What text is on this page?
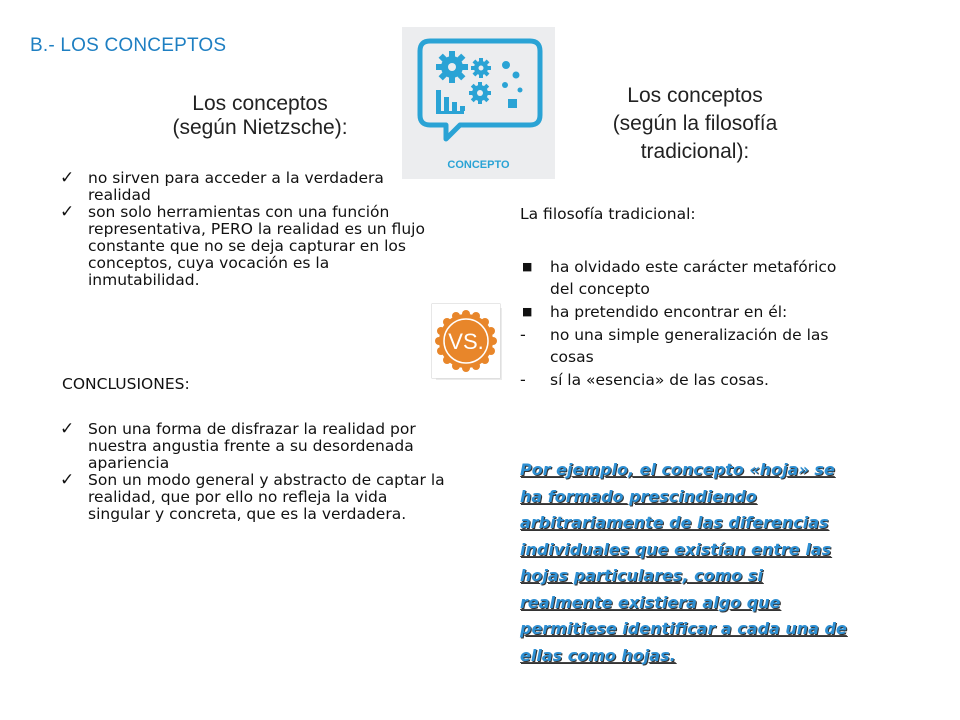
B.- LOS CONCEPTOS
Los conceptos
(según Nietzsche):
✓ no sirven para acceder a la verdadera realidad
✓ son solo herramientas con una función representativa, PERO la realidad es un flujo constante que no se deja capturar en los conceptos, cuya vocación es la inmutabilidad.
CONCLUSIONES:
✓ Son una forma de disfrazar la realidad por nuestra angustia frente a su desordenada apariencia
✓ Son un modo general y abstracto de captar la realidad, que por ello no refleja la vida singular y concreta, que es la verdadera.
CONCEPTO
VS.
Los conceptos
(según la filosofía
tradicional):
La filosofía tradicional:
■ ha olvidado este carácter metafórico del concepto
■ ha pretendido encontrar en él:
- no una simple generalización de las cosas
- sí la «esencia» de las cosas.
Por ejemplo, el concepto «hoja» se ha formado prescindiendo arbitrariamente de las diferencias individuales que existían entre las hojas particulares, como si realmente existiera algo que permitiese identificar a cada una de ellas como hojas.
